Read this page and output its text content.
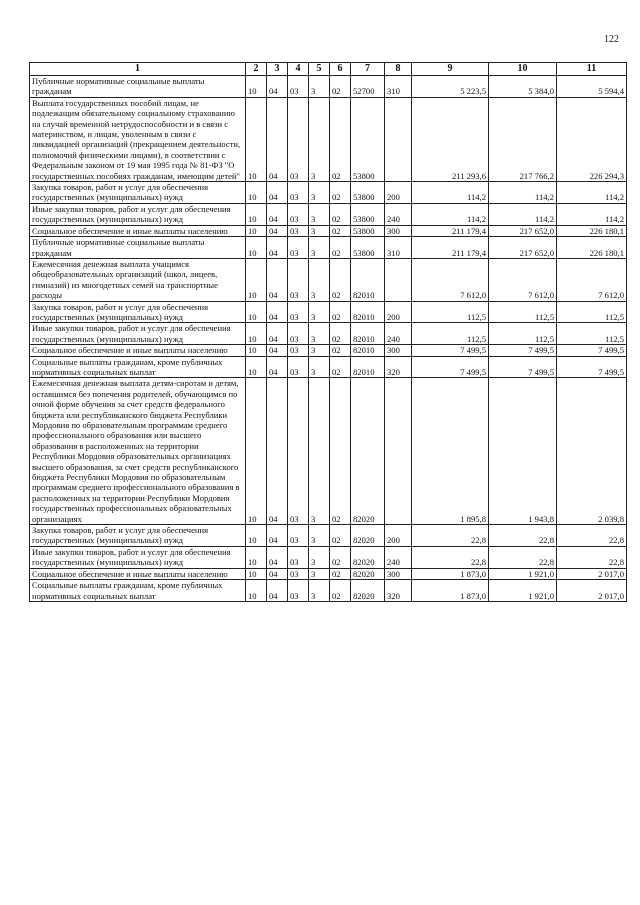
122
1	2	3	4	5	6	7	8	9	10	11
Публичные нормативные социальные выплаты гражданам	10	04	03	3	02	52700	310	5 223,5	5 384,0	5 594,4
Выплата государственных пособий лицам, не подлежащим обязательному социальному страхованию на случай временной нетрудоспособности и в связи с материнством, и лицам, уволенным в связи с ликвидацией организаций (прекращением деятельности, полномочий физическими лицами), в соответствии с Федеральным законом от 19 мая 1995 года № 81-ФЗ "О государственных пособиях гражданам, имеющим детей"	10	04	03	3	02	53800		211 293,6	217 766,2	226 294,3
Закупка товаров, работ и услуг для обеспечения государственных (муниципальных) нужд	10	04	03	3	02	53800	200	114,2	114,2	114,2
Иные закупки товаров, работ и услуг для обеспечения государственных (муниципальных) нужд	10	04	03	3	02	53800	240	114,2	114,2	114,2
Социальное обеспечение и иные выплаты населению	10	04	03	3	02	53800	300	211 179,4	217 652,0	226 180,1
Публичные нормативные социальные выплаты гражданам	10	04	03	3	02	53800	310	211 179,4	217 652,0	226 180,1
Ежемесячная денежная выплата учащимся общеобразовательных организаций (школ, лицеев, гимназий) из многодетных семей на транспортные расходы	10	04	03	3	02	82010		7 612,0	7 612,0	7 612,0
Закупка товаров, работ и услуг для обеспечения государственных (муниципальных) нужд	10	04	03	3	02	82010	200	112,5	112,5	112,5
Иные закупки товаров, работ и услуг для обеспечения государственных (муниципальных) нужд	10	04	03	3	02	82010	240	112,5	112,5	112,5
Социальное обеспечение и иные выплаты населению	10	04	03	3	02	82010	300	7 499,5	7 499,5	7 499,5
Социальные выплаты гражданам, кроме публичных нормативных социальных выплат	10	04	03	3	02	82010	320	7 499,5	7 499,5	7 499,5
Ежемесячная денежная выплата детям-сиротам и детям, оставшимся без попечения родителей, обучающимся по очной форме обучения за счет средств федерального бюджета или республиканского бюджета Республики Мордовия по образовательным программам среднего профессионального образования или высшего образования в расположенных на территории Республики Мордовия образовательных организациях высшего образования, за счет средств республиканского бюджета Республики Мордовия по образовательным программам среднего профессионального образования в расположенных на территории Республики Мордовия государственных профессиональных образовательных организациях	10	04	03	3	02	82020		1 895,8	1 943,8	2 039,8
Закупка товаров, работ и услуг для обеспечения государственных (муниципальных) нужд	10	04	03	3	02	82020	200	22,8	22,8	22,8
Иные закупки товаров, работ и услуг для обеспечения государственных (муниципальных) нужд	10	04	03	3	02	82020	240	22,8	22,8	22,8
Социальное обеспечение и иные выплаты населению	10	04	03	3	02	82020	300	1 873,0	1 921,0	2 017,0
Социальные выплаты гражданам, кроме публичных нормативных социальных выплат	10	04	03	3	02	82020	320	1 873,0	1 921,0	2 017,0
